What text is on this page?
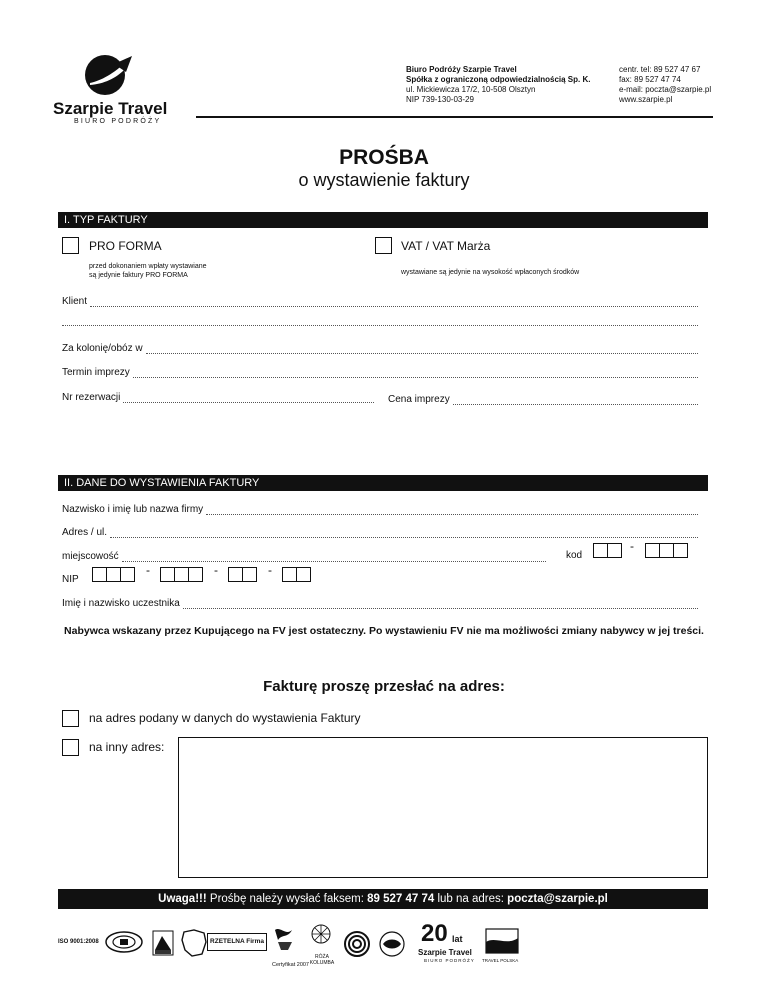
Szarpie Travel
BIURO PODRÓŻY
Biuro Podróży Szarpie Travel
Spółka z ograniczoną odpowiedzialnością Sp. K.
ul. Mickiewicza 17/2, 10-508 Olsztyn
NIP 739-130-03-29
centr. tel: 89 527 47 67
fax: 89 527 47 74
e-mail: poczta@szarpie.pl
www.szarpie.pl
PROŚBA
o wystawienie faktury
I. TYP FAKTURY
PRO FORMA
przed dokonaniem wpłaty wystawiane
są jedynie faktury PRO FORMA
VAT / VAT Marża
wystawiane są jedynie na wysokość wpłaconych środków
Klient
Za kolonię/obóz w
Termin imprezy
Nr rezerwacji	Cena imprezy
II. DANE DO WYSTAWIENIA FAKTURY
Nazwisko i imię lub nazwa firmy
Adres / ul.
miejscowość	kod
-
NIP
-	-	-
Imię i nazwisko uczestnika
Nabywca wskazany przez Kupującego na FV jest ostateczny. Po wystawieniu FV nie ma możliwości zmiany nabywcy w jej treści.
Fakturę proszę przesłać na adres:
na adres podany w danych do wystawienia Faktury
na inny adres:
Uwaga!!! Prośbę należy wysłać faksem: 89 527 47 74 lub na adres: poczta@szarpie.pl
ISO 9001:2008	RZETELNA Firma
Certyfikat 2007
RÓŻA KOLUMBA
20 lat
Szarpie Travel
BIURO PODRÓŻY TRAVEL POLSKA
